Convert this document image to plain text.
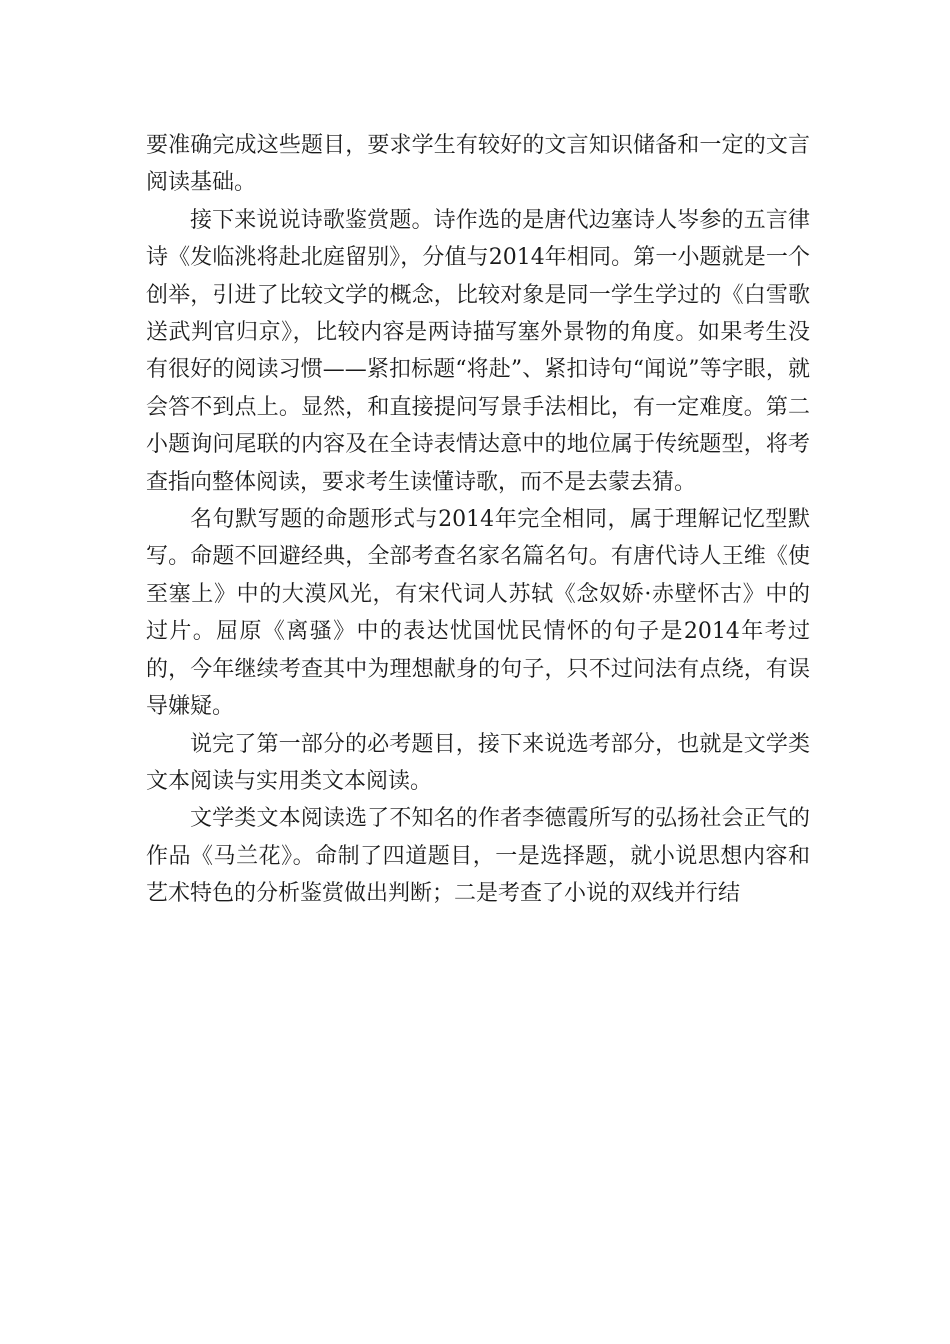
要准确完成这些题目，要求学生有较好的文言知识储备和一定的文言阅读基础。

接下来说说诗歌鉴赏题。诗作选的是唐代边塞诗人岑参的五言律诗《发临洮将赴北庭留别》，分值与2014年相同。第一小题就是一个创举，引进了比较文学的概念，比较对象是同一学生学过的《白雪歌送武判官归京》，比较内容是两诗描写塞外景物的角度。如果考生没有很好的阅读习惯——紧扣标题“将赴”、紧扣诗句“闻说”等字眼，就会答不到点上。显然，和直接提问写景手法相比，有一定难度。第二小题询问尾联的内容及在全诗表情达意中的地位属于传统题型，将考查指向整体阅读，要求考生读懂诗歌，而不是去蒙去猜。

名句默写题的命题形式与2014年完全相同，属于理解记忆型默写。命题不回避经典，全部考查名家名篇名句。有唐代诗人王维《使至塞上》中的大漠风光，有宋代词人苏轼《念奴娇·赤壁怀古》中的过片。屈原《离骚》中的表达忧国忧民情怀的句子是2014年考过的，今年继续考查其中为理想献身的句子，只不过问法有点绕，有误导嫌疑。

说完了第一部分的必考题目，接下来说选考部分，也就是文学类文本阅读与实用类文本阅读。

文学类文本阅读选了不知名的作者李德霞所写的弘扬社会正气的作品《马兰花》。命制了四道题目，一是选择题，就小说思想内容和艺术特色的分析鉴赏做出判断；二是考查了小说的双线并行结
